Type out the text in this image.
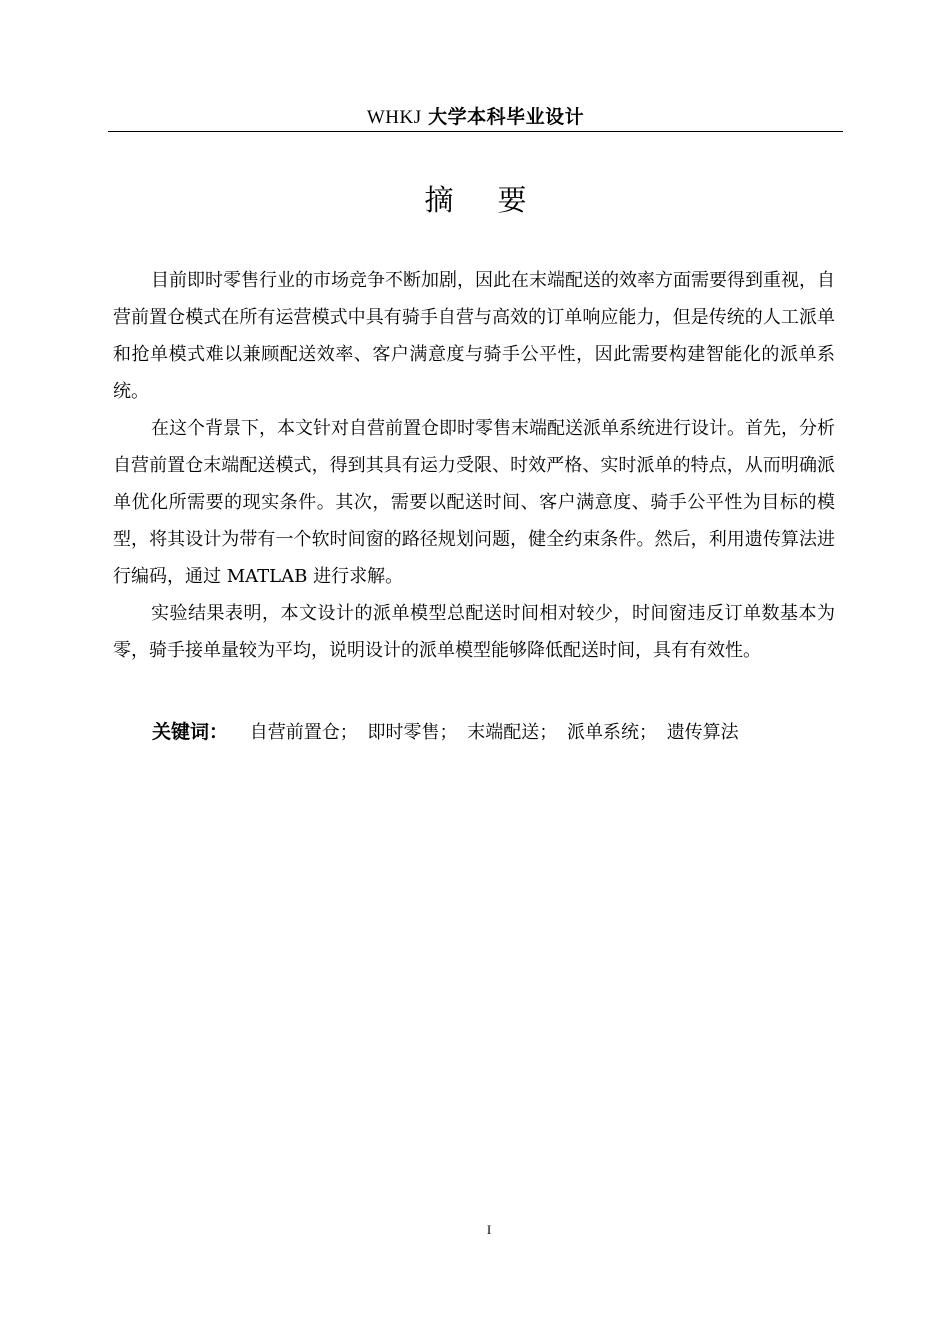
WHKJ 大学本科毕业设计
摘要

目前即时零售行业的市场竞争不断加剧，因此在末端配送的效率方面需要得到重视，自营前置仓模式在所有运营模式中具有骑手自营与高效的订单响应能力，但是传统的人工派单和抢单模式难以兼顾配送效率、客户满意度与骑手公平性，因此需要构建智能化的派单系统。

在这个背景下，本文针对自营前置仓即时零售末端配送派单系统进行设计。首先，分析自营前置仓末端配送模式，得到其具有运力受限、时效严格、实时派单的特点，从而明确派单优化所需要的现实条件。其次，需要以配送时间、客户满意度、骑手公平性为目标的模型，将其设计为带有一个软时间窗的路径规划问题，健全约束条件。然后，利用遗传算法进行编码，通过 MATLAB 进行求解。

实验结果表明，本文设计的派单模型总配送时间相对较少，时间窗违反订单数基本为零，骑手接单量较为平均，说明设计的派单模型能够降低配送时间，具有有效性。

关键词： 自营前置仓； 即时零售； 末端配送； 派单系统； 遗传算法
I
